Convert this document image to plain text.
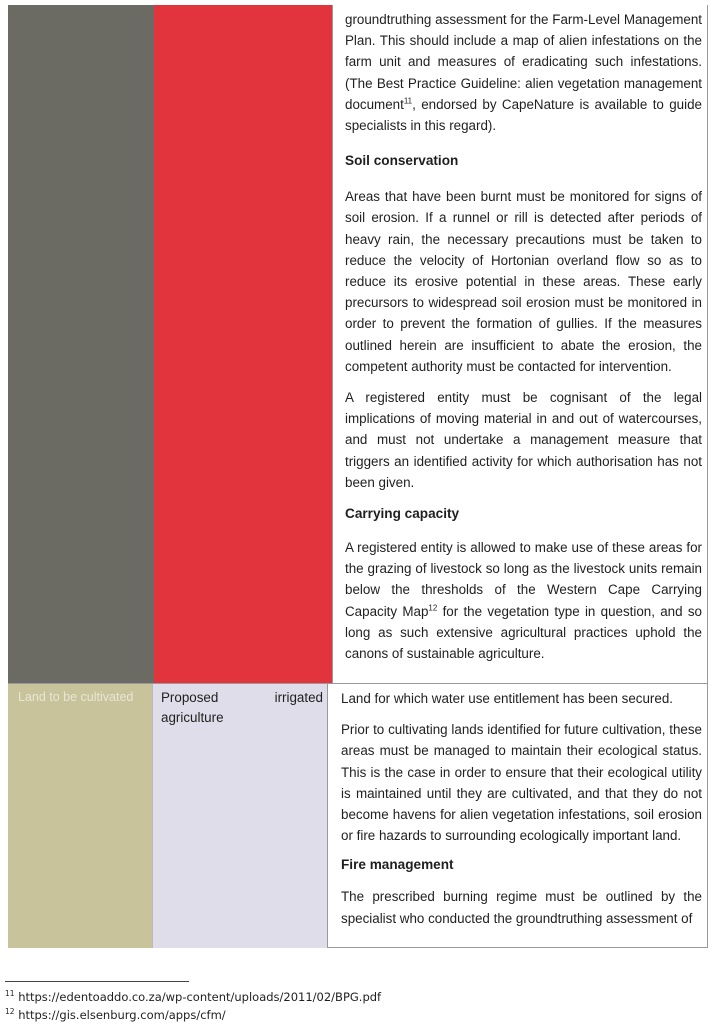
groundtruthing assessment for the Farm-Level Management Plan. This should include a map of alien infestations on the farm unit and measures of eradicating such infestations. (The Best Practice Guideline: alien vegetation management document$^{11}$, endorsed by CapeNature is available to guide specialists in this regard).

Soil conservation

Areas that have been burnt must be monitored for signs of soil erosion. If a runnel or rill is detected after periods of heavy rain, the necessary precautions must be taken to reduce the velocity of Hortonian overland flow so as to reduce its erosive potential in these areas. These early precursors to widespread soil erosion must be monitored in order to prevent the formation of gullies. If the measures outlined herein are insufficient to abate the erosion, the competent authority must be contacted for intervention.

A registered entity must be cognisant of the legal implications of moving material in and out of watercourses, and must not undertake a management measure that triggers an identified activity for which authorisation has not been given.

Carrying capacity

A registered entity is allowed to make use of these areas for the grazing of livestock so long as the livestock units remain below the thresholds of the Western Cape Carrying Capacity Map$^{12}$ for the vegetation type in question, and so long as such extensive agricultural practices uphold the canons of sustainable agriculture.

Land to be cultivated Proposed	irrigated
agriculture

Land for which water use entitlement has been secured.

Prior to cultivating lands identified for future cultivation, these areas must be managed to maintain their ecological status. This is the case in order to ensure that their ecological utility is maintained until they are cultivated, and that they do not become havens for alien vegetation infestations, soil erosion or fire hazards to surrounding ecologically important land.

Fire management

The prescribed burning regime must be outlined by the specialist who conducted the groundtruthing assessment of

$^{11}$ https://edentoaddo.co.za/wp-content/uploads/2011/02/BPG.pdf
$^{12}$ https://gis.elsenburg.com/apps/cfm/
